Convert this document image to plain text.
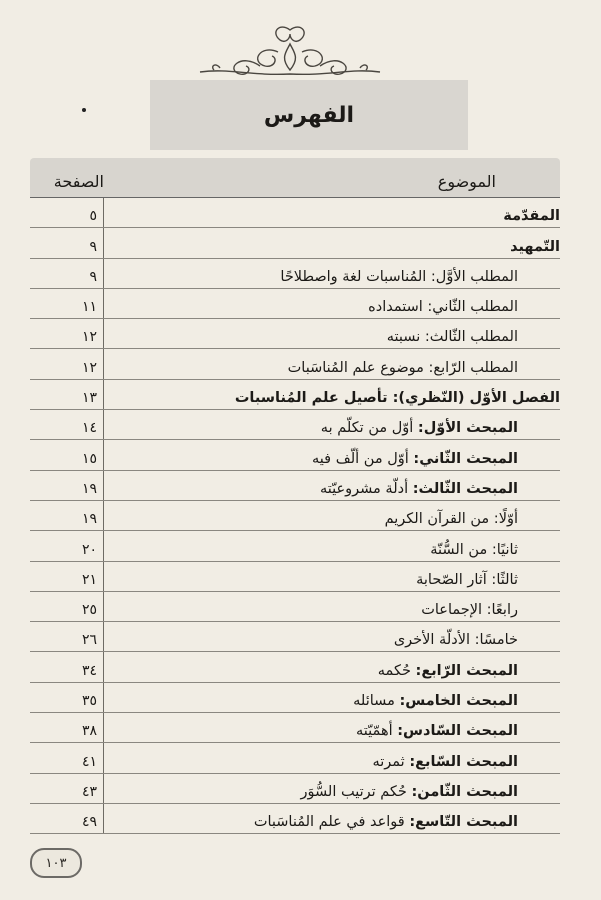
الفهرس
الموضوع
الصفحة
المقدّمة
٥
التّمهيد
٩
المطلب الأوَّل: المُناسبات لغة واصطلاحًا
٩
المطلب الثّاني: استمداده
١١
المطلب الثّالث: نسبته
١٢
المطلب الرّابع: موضوع علم المُناسَبات
١٢
الفصل الأوّل (النّظري): تأصيل علم المُناسبات
١٣
المبحث الأوّل: أوّل من تكلّم به
١٤
المبحث الثّاني: أوّل من ألّف فيه
١٥
المبحث الثّالث: أدلّة مشروعيّته
١٩
أوّلًا: من القرآن الكريم
١٩
ثانيًا: من السُّنّة
٢٠
ثالثًا: آثار الصّحابة
٢١
رابعًا: الإجماعات
٢٥
خامسًا: الأدلّة الأخرى
٢٦
المبحث الرّابع: حُكمه
٣٤
المبحث الخامس: مسائله
٣٥
المبحث السّادس: أهمّيّته
٣٨
المبحث السّابع: ثمرته
٤١
المبحث الثّامن: حُكم ترتيب السُّوَر
٤٣
المبحث التّاسع: قواعد في علم المُناسَبات
٤٩
١٠٣
